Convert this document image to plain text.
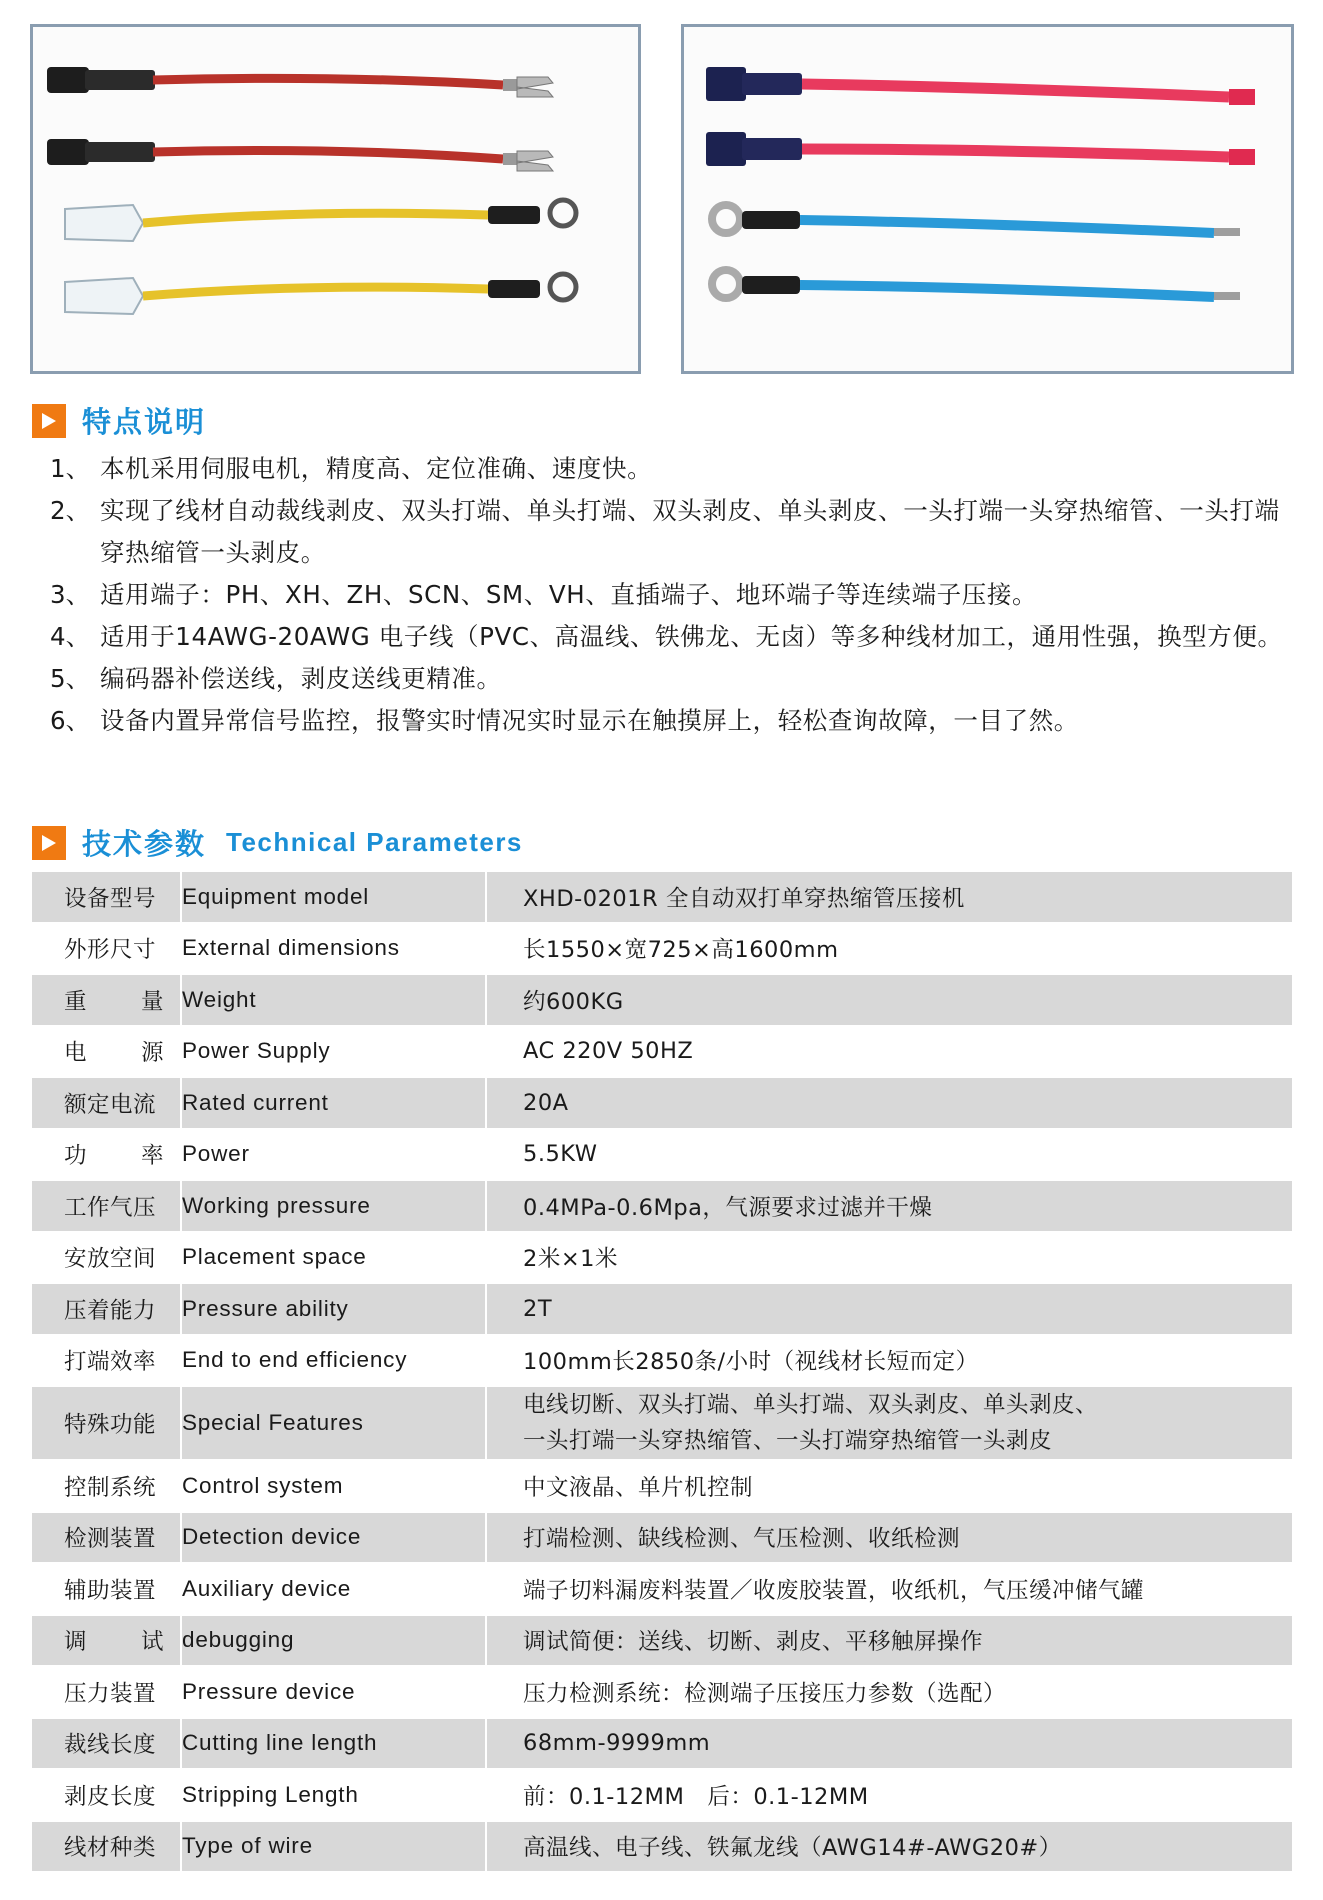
特点说明
1、 本机采用伺服电机，精度高、定位准确、速度快。
2、 实现了线材自动裁线剥皮、双头打端、单头打端、双头剥皮、单头剥皮、一头打端一头穿热缩管、一头打端穿热缩管一头剥皮。
3、 适用端子：PH、XH、ZH、SCN、SM、VH、直插端子、地环端子等连续端子压接。
4、 适用于14AWG-20AWG 电子线（PVC、高温线、铁佛龙、无卤）等多种线材加工，通用性强，换型方便。
5、 编码器补偿送线，剥皮送线更精准。
6、 设备内置异常信号监控，报警实时情况实时显示在触摸屏上，轻松查询故障，一目了然。
技术参数 Technical Parameters
设备型号	Equipment model	XHD-0201R 全自动双打单穿热缩管压接机
外形尺寸	External dimensions	长1550×宽725×高1600mm

重 量	Weight	约600KG

电 源	Power Supply	AC 220V 50HZ
额定电流	Rated current	20A

功 率	Power	5.5KW
工作气压	Working pressure	0.4MPa-0.6Mpa，气源要求过滤并干燥
安放空间	Placement space	2米×1米
压着能力	Pressure ability	2T
打端效率	End to end efficiency	100mm长2850条/小时（视线材长短而定）
特殊功能	Special Features	电线切断、双头打端、单头打端、双头剥皮、单头剥皮、
一头打端一头穿热缩管、一头打端穿热缩管一头剥皮

控制系统	Control system	中文液晶、单片机控制
检测装置	Detection device	打端检测、缺线检测、气压检测、收纸检测
辅助装置	Auxiliary device	端子切料漏废料装置／收废胶装置，收纸机，气压缓冲储气罐

调 试	debugging	调试简便：送线、切断、剥皮、平移触屏操作
压力装置	Pressure device	压力检测系统：检测端子压接压力参数（选配）
裁线长度	Cutting line length	68mm-9999mm
剥皮长度	Stripping Length	前：0.1-12MM   后：0.1-12MM
线材种类	Type of wire	高温线、电子线、铁氟龙线（AWG14#-AWG20#）
